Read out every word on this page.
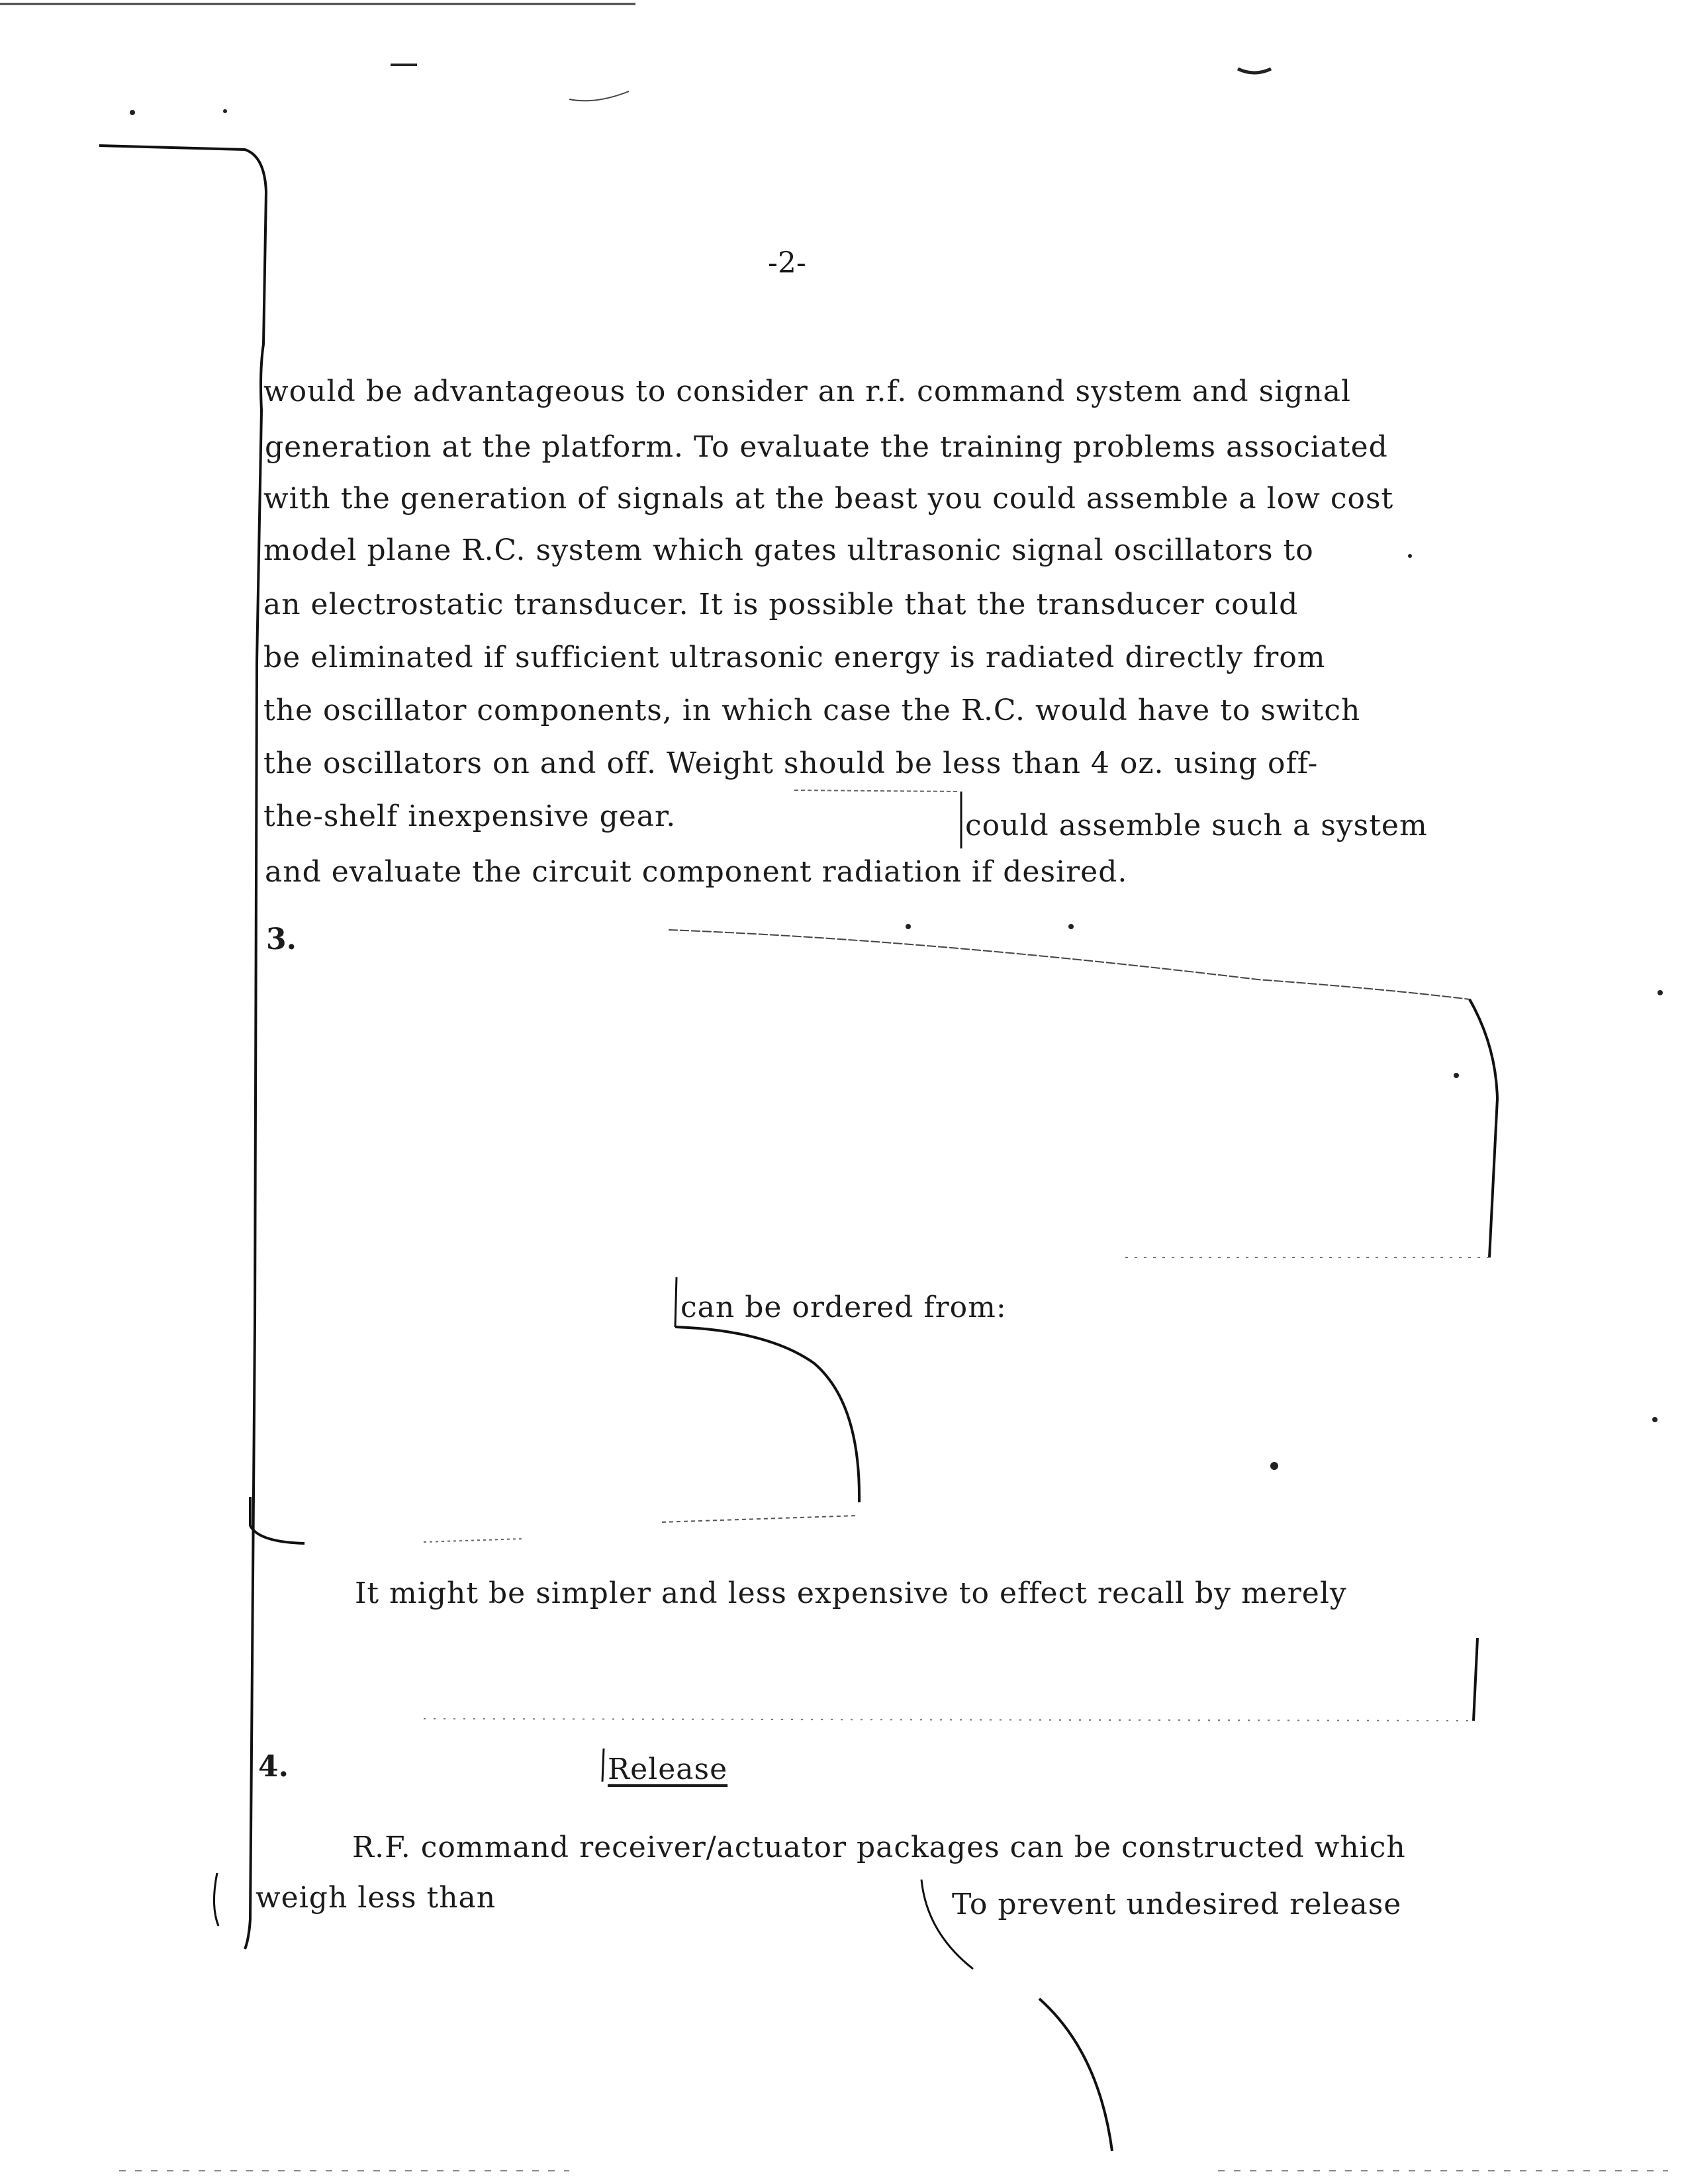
-2-
would be advantageous to consider an r.f. command system and signal
generation at the platform. To evaluate the training problems associated
with the generation of signals at the beast you could assemble a low cost
model plane R.C. system which gates ultrasonic signal oscillators to
an electrostatic transducer. It is possible that the transducer could
be eliminated if sufficient ultrasonic energy is radiated directly from
the oscillator components, in which case the R.C. would have to switch
the oscillators on and off. Weight should be less than 4 oz. using off-
the-shelf inexpensive gear.	could assemble such a system
and evaluate the circuit component radiation if desired.
3.
can be ordered from:
It might be simpler and less expensive to effect recall by merely
4.	Release
R.F. command receiver/actuator packages can be constructed which
weigh less than	To prevent undesired release
